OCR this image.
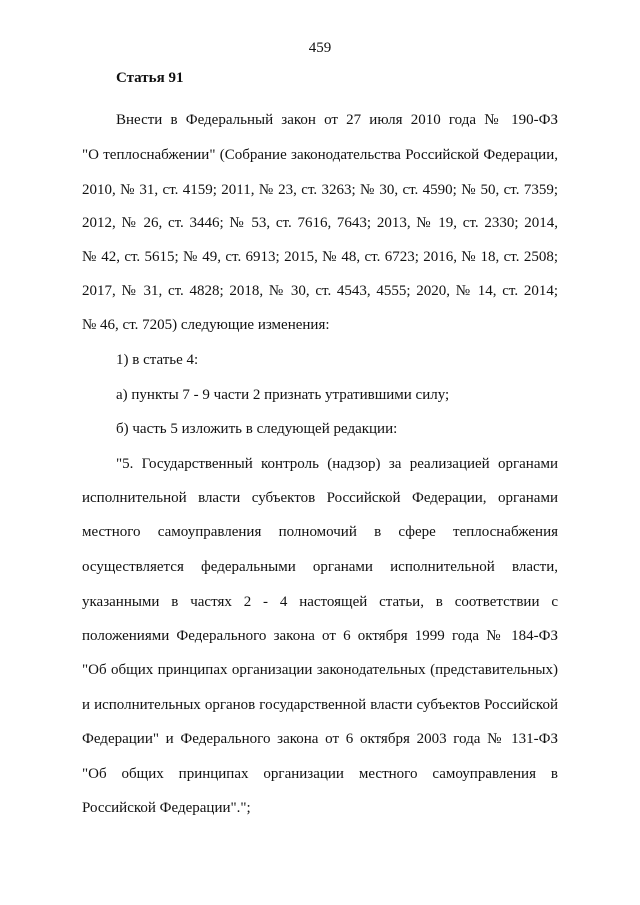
459
Статья 91
Внести в Федеральный закон от 27 июля 2010 года № 190-ФЗ
"О теплоснабжении" (Собрание законодательства Российской Федерации,
2010, № 31, ст. 4159; 2011, № 23, ст. 3263; № 30, ст. 4590; № 50, ст. 7359;
2012, № 26, ст. 3446; № 53, ст. 7616, 7643; 2013, № 19, ст. 2330; 2014,
№ 42, ст. 5615; № 49, ст. 6913; 2015, № 48, ст. 6723; 2016, № 18, ст. 2508;
2017, № 31, ст. 4828; 2018, № 30, ст. 4543, 4555; 2020, № 14, ст. 2014;
№ 46, ст. 7205) следующие изменения:
1) в статье 4:
а) пункты 7 - 9 части 2 признать утратившими силу;
б) часть 5 изложить в следующей редакции:
"5. Государственный контроль (надзор) за реализацией органами
исполнительной власти субъектов Российской Федерации, органами
местного самоуправления полномочий в сфере теплоснабжения
осуществляется федеральными органами исполнительной власти,
указанными в частях 2 - 4 настоящей статьи, в соответствии с
положениями Федерального закона от 6 октября 1999 года № 184-ФЗ
"Об общих принципах организации законодательных (представительных)
и исполнительных органов государственной власти субъектов Российской
Федерации" и Федерального закона от 6 октября 2003 года № 131-ФЗ
"Об общих принципах организации местного самоуправления в
Российской Федерации".";
